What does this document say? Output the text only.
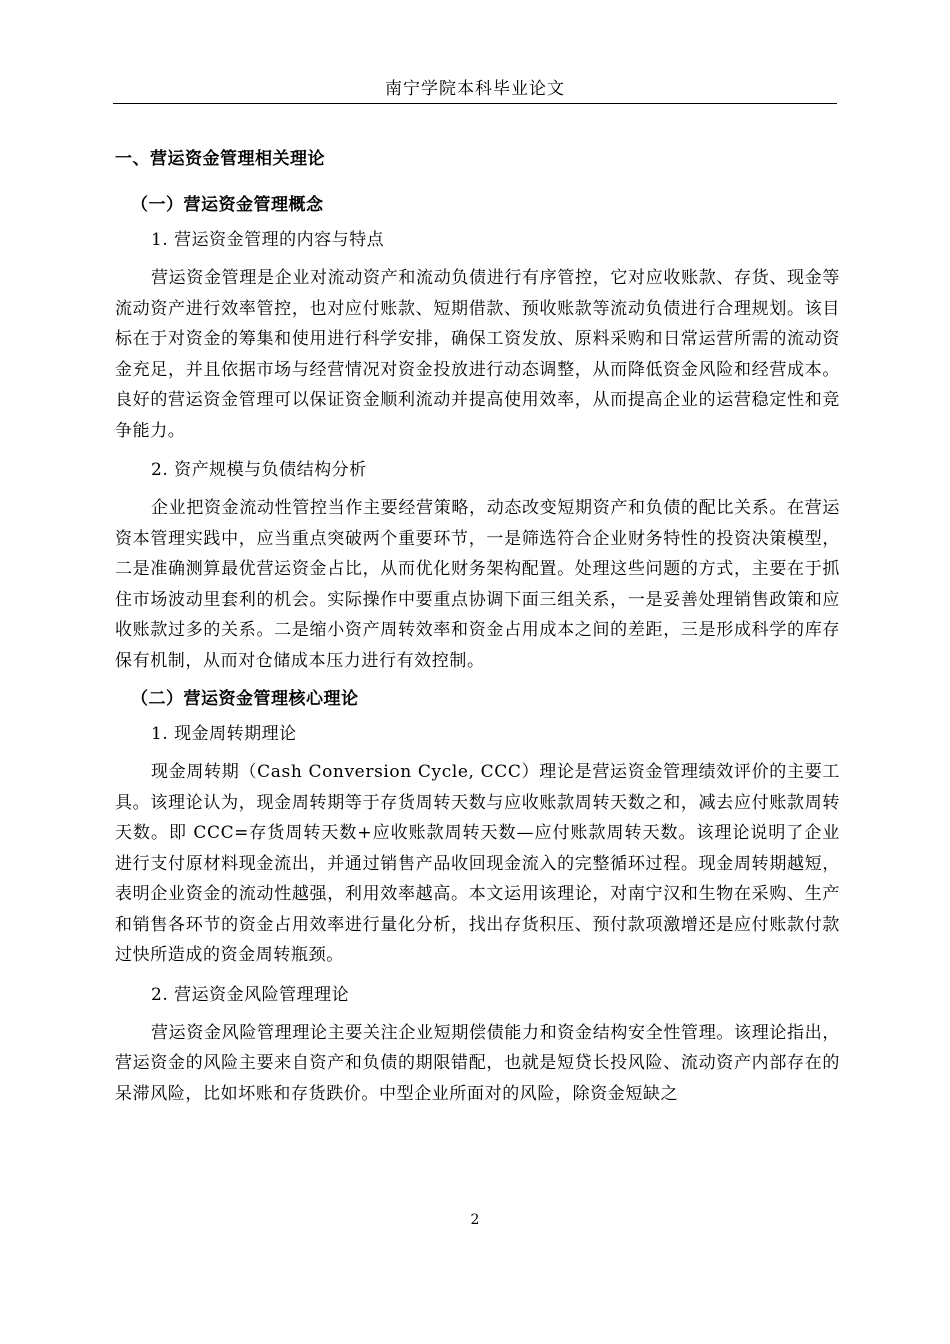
南宁学院本科毕业论文
一、营运资金管理相关理论
（一）营运资金管理概念
1. 营运资金管理的内容与特点

营运资金管理是企业对流动资产和流动负债进行有序管控，它对应收账款、存货、现金等流动资产进行效率管控，也对应付账款、短期借款、预收账款等流动负债进行合理规划。该目标在于对资金的筹集和使用进行科学安排，确保工资发放、原料采购和日常运营所需的流动资金充足，并且依据市场与经营情况对资金投放进行动态调整，从而降低资金风险和经营成本。良好的营运资金管理可以保证资金顺利流动并提高使用效率，从而提高企业的运营稳定性和竞争能力。

2. 资产规模与负债结构分析

企业把资金流动性管控当作主要经营策略，动态改变短期资产和负债的配比关系。在营运资本管理实践中，应当重点突破两个重要环节，一是筛选符合企业财务特性的投资决策模型，二是准确测算最优营运资金占比，从而优化财务架构配置。处理这些问题的方式，主要在于抓住市场波动里套利的机会。实际操作中要重点协调下面三组关系，一是妥善处理销售政策和应收账款过多的关系。二是缩小资产周转效率和资金占用成本之间的差距，三是形成科学的库存保有机制，从而对仓储成本压力进行有效控制。

（二）营运资金管理核心理论
1. 现金周转期理论

现金周转期（Cash Conversion Cycle, CCC）理论是营运资金管理绩效评价的主要工具。该理论认为，现金周转期等于存货周转天数与应收账款周转天数之和，减去应付账款周转天数。即 CCC=存货周转天数+应收账款周转天数—应付账款周转天数。该理论说明了企业进行支付原材料现金流出，并通过销售产品收回现金流入的完整循环过程。现金周转期越短，表明企业资金的流动性越强，利用效率越高。本文运用该理论，对南宁汉和生物在采购、生产和销售各环节的资金占用效率进行量化分析，找出存货积压、预付款项激增还是应付账款付款过快所造成的资金周转瓶颈。

2. 营运资金风险管理理论

营运资金风险管理理论主要关注企业短期偿债能力和资金结构安全性管理。该理论指出，营运资金的风险主要来自资产和负债的期限错配，也就是短贷长投风险、流动资产内部存在的呆滞风险，比如坏账和存货跌价。中型企业所面对的风险，除资金短缺之

2
